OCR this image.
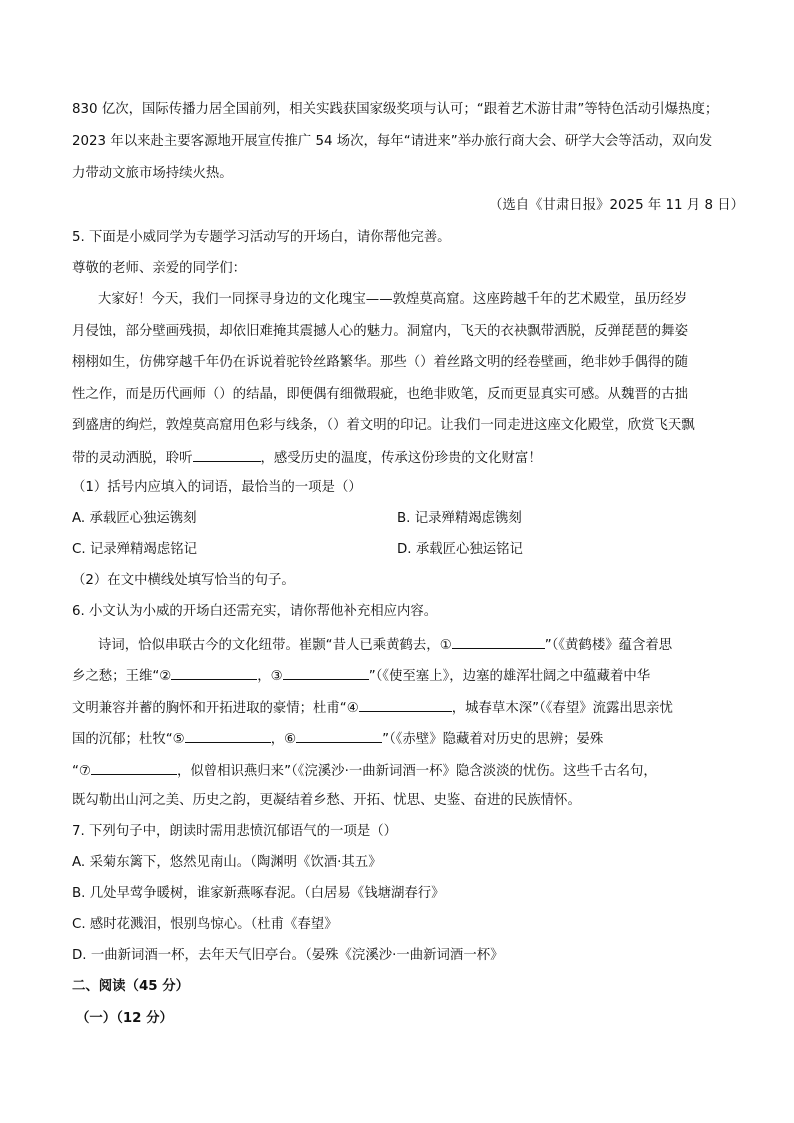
830 亿次，国际传播力居全国前列，相关实践获国家级奖项与认可；“跟着艺术游甘肃”等特色活动引爆热度；
2023 年以来赴主要客源地开展宣传推广 54 场次，每年“请进来”举办旅行商大会、研学大会等活动，双向发
力带动文旅市场持续火热。
（选自《甘肃日报》2025 年 11 月 8 日）
5. 下面是小威同学为专题学习活动写的开场白，请你帮他完善。
尊敬的老师、亲爱的同学们：
大家好！今天，我们一同探寻身边的文化瑰宝——敦煌莫高窟。这座跨越千年的艺术殿堂，虽历经岁
月侵蚀，部分壁画残损，却依旧难掩其震撼人心的魅力。洞窟内，飞天的衣袂飘带洒脱，反弹琵琶的舞姿
栩栩如生，仿佛穿越千年仍在诉说着驼铃丝路繁华。那些（）着丝路文明的经卷壁画，绝非妙手偶得的随
性之作，而是历代画师（）的结晶，即便偶有细微瑕疵，也绝非败笔，反而更显真实可感。从魏晋的古拙
到盛唐的绚烂，敦煌莫高窟用色彩与线条，（）着文明的印记。让我们一同走进这座文化殿堂，欣赏飞天飘
带的灵动洒脱，聆听	，感受历史的温度，传承这份珍贵的文化财富！
（1）括号内应填入的词语，最恰当的一项是（）
A. 承载匠心独运镌刻	B. 记录殚精竭虑镌刻
C. 记录殚精竭虑铭记	D. 承载匠心独运铭记
（2）在文中横线处填写恰当的句子。
6. 小文认为小威的开场白还需充实，请你帮他补充相应内容。
诗词，恰似串联古今的文化纽带。崔颢“昔人已乘黄鹤去，①	”（《黄鹤楼》蕴含着思
乡之愁；王维“②	，③	”（《使至塞上》，边塞的雄浑壮阔之中蕴藏着中华
文明兼容并蓄的胸怀和开拓进取的豪情；杜甫“④	，城春草木深”（《春望》流露出思亲忧
国的沉郁；杜牧“⑤	，⑥	”（《赤壁》隐藏着对历史的思辨；晏殊
“⑦	，似曾相识燕归来”（《浣溪沙·一曲新词酒一杯》隐含淡淡的忧伤。这些千古名句，
既勾勒出山河之美、历史之韵，更凝结着乡愁、开拓、忧思、史鉴、奋进的民族情怀。
7. 下列句子中，朗读时需用悲愤沉郁语气的一项是（）
A. 采菊东篱下，悠然见南山。（陶渊明《饮酒·其五》
B. 几处早莺争暖树，谁家新燕啄春泥。（白居易《钱塘湖春行》
C. 感时花溅泪，恨别鸟惊心。（杜甫《春望》
D. 一曲新词酒一杯，去年天气旧亭台。（晏殊《浣溪沙·一曲新词酒一杯》
二、阅读（45 分）
（一）（12 分）
